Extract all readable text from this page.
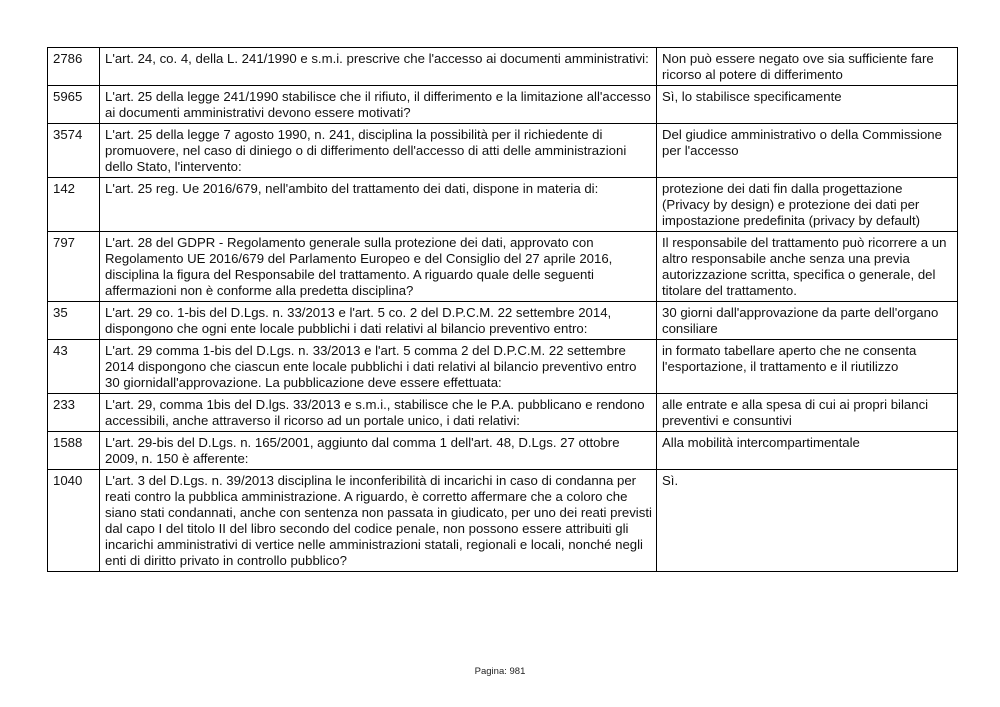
2786	L'art. 24, co. 4, della L. 241/1990 e s.m.i. prescrive che l'accesso ai documenti amministrativi:	Non può essere negato ove sia sufficiente fare ricorso al potere di differimento
5965	L'art. 25 della legge 241/1990 stabilisce che il rifiuto, il differimento e la limitazione all'accesso ai documenti amministrativi devono essere motivati?	Sì, lo stabilisce specificamente
3574	L'art. 25 della legge 7 agosto 1990, n. 241, disciplina la possibilità per il richiedente di promuovere, nel caso di diniego o di differimento dell'accesso di atti delle amministrazioni dello Stato, l'intervento:	Del giudice amministrativo o della Commissione per l'accesso
142	L'art. 25 reg. Ue 2016/679, nell'ambito del trattamento dei dati, dispone in materia di:	protezione dei dati fin dalla progettazione (Privacy by design) e protezione dei dati per impostazione predefinita (privacy by default)
797	L'art. 28 del GDPR - Regolamento generale sulla protezione dei dati, approvato con Regolamento UE 2016/679 del Parlamento Europeo e del Consiglio del 27 aprile 2016, disciplina la figura del Responsabile del trattamento. A riguardo quale delle seguenti affermazioni non è conforme alla predetta disciplina?	Il responsabile del trattamento può ricorrere a un altro responsabile anche senza una previa autorizzazione scritta, specifica o generale, del titolare del trattamento.
35	L'art. 29 co. 1-bis del D.Lgs. n. 33/2013 e l'art. 5 co. 2 del D.P.C.M. 22 settembre 2014, dispongono che ogni ente locale pubblichi i dati relativi al bilancio preventivo entro:	30 giorni dall'approvazione da parte dell'organo consiliare
43	L'art. 29 comma 1-bis del D.Lgs. n. 33/2013 e l'art. 5 comma 2 del D.P.C.M. 22 settembre 2014 dispongono che ciascun ente locale pubblichi i dati relativi al bilancio preventivo entro 30 giornidall'approvazione. La pubblicazione deve essere effettuata:	in formato tabellare aperto che ne consenta l'esportazione, il trattamento e il riutilizzo
233	L'art. 29, comma 1bis del D.lgs. 33/2013 e s.m.i., stabilisce che le P.A. pubblicano e rendono accessibili, anche attraverso il ricorso ad un portale unico, i dati relativi:	alle entrate e alla spesa di cui ai propri bilanci preventivi e consuntivi
1588	L'art. 29-bis del D.Lgs. n. 165/2001, aggiunto dal comma 1 dell'art. 48, D.Lgs. 27 ottobre 2009, n. 150 è afferente:	Alla mobilità intercompartimentale
1040	L'art. 3 del D.Lgs. n. 39/2013 disciplina le inconferibilità di incarichi in caso di condanna per reati contro la pubblica amministrazione. A riguardo, è corretto affermare che a coloro che siano stati condannati, anche con sentenza non passata in giudicato, per uno dei reati previsti dal capo I del titolo II del libro secondo del codice penale, non possono essere attribuiti gli incarichi amministrativi di vertice nelle amministrazioni statali, regionali e locali, nonché negli enti di diritto privato in controllo pubblico?	Sì.
Pagina: 981
